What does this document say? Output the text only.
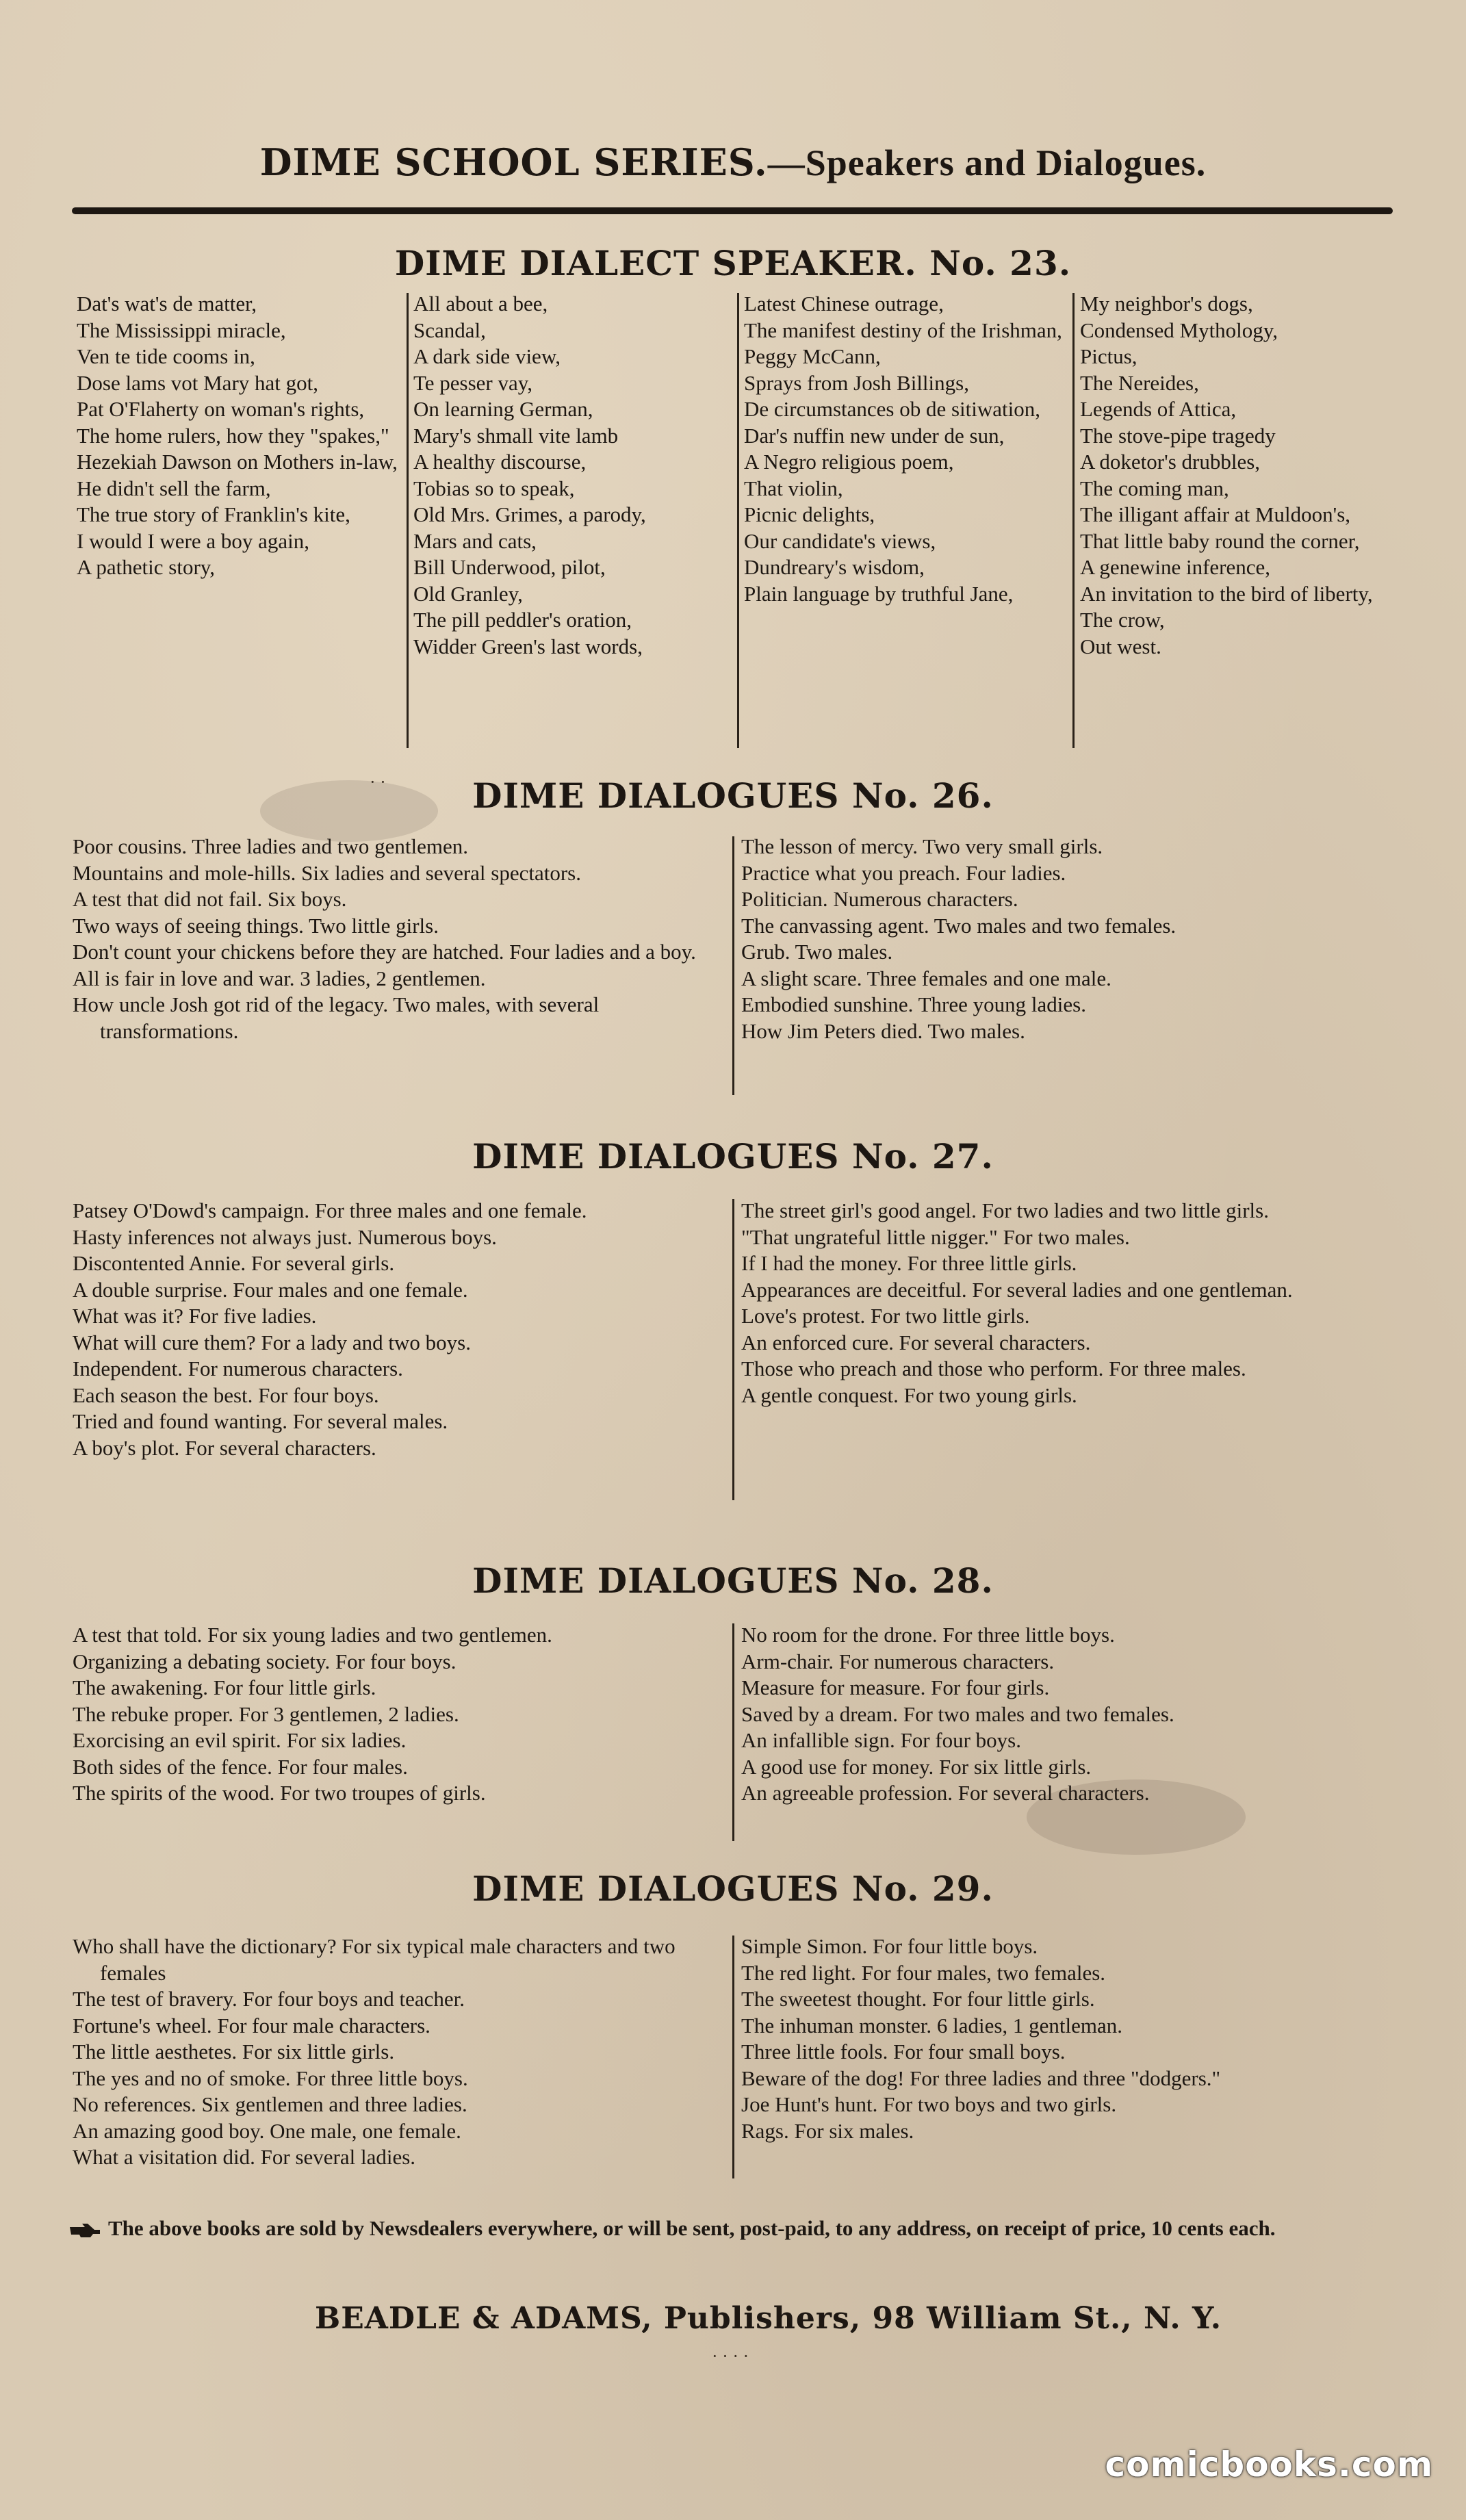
DIME SCHOOL SERIES.—Speakers and Dialogues.
DIME DIALECT SPEAKER. No. 23.
Dat's wat's de matter,
The Mississippi miracle,
Ven te tide cooms in,
Dose lams vot Mary hat got,
Pat O'Flaherty on woman's rights,
The home rulers, how they "spakes,"
Hezekiah Dawson on Mothers in-law,
He didn't sell the farm,
The true story of Franklin's kite,
I would I were a boy again,
A pathetic story,
All about a bee,
Scandal,
A dark side view,
Te pesser vay,
On learning German,
Mary's shmall vite lamb
A healthy discourse,
Tobias so to speak,
Old Mrs. Grimes, a parody,
Mars and cats,
Bill Underwood, pilot,
Old Granley,
The pill peddler's oration,
Widder Green's last words,
Latest Chinese outrage,
The manifest destiny of the Irishman,
Peggy McCann,
Sprays from Josh Billings,
De circumstances ob de sitiwation,
Dar's nuffin new under de sun,
A Negro religious poem,
That violin,
Picnic delights,
Our candidate's views,
Dundreary's wisdom,
Plain language by truthful Jane,
My neighbor's dogs,
Condensed Mythology,
Pictus,
The Nereides,
Legends of Attica,
The stove-pipe tragedy
A doketor's drubbles,
The coming man,
The illigant affair at Muldoon's,
That little baby round the corner,
A genewine inference,
An invitation to the bird of liberty,
The crow,
Out west.
· ·	DIME DIALOGUES No. 26.
Poor cousins. Three ladies and two gentlemen.
Mountains and mole-hills. Six ladies and several spectators.
A test that did not fail. Six boys.
Two ways of seeing things. Two little girls.
Don't count your chickens before they are hatched. Four ladies and a boy.
All is fair in love and war. 3 ladies, 2 gentlemen.
How uncle Josh got rid of the legacy. Two males, with several transformations.
The lesson of mercy. Two very small girls.
Practice what you preach. Four ladies.
Politician. Numerous characters.
The canvassing agent. Two males and two females.
Grub. Two males.
A slight scare. Three females and one male.
Embodied sunshine. Three young ladies.
How Jim Peters died. Two males.
DIME DIALOGUES No. 27.
Patsey O'Dowd's campaign. For three males and one female.
Hasty inferences not always just. Numerous boys.
Discontented Annie. For several girls.
A double surprise. Four males and one female.
What was it? For five ladies.
What will cure them? For a lady and two boys.
Independent. For numerous characters.
Each season the best. For four boys.
Tried and found wanting. For several males.
A boy's plot. For several characters.
The street girl's good angel. For two ladies and two little girls.
"That ungrateful little nigger." For two males.
If I had the money. For three little girls.
Appearances are deceitful. For several ladies and one gentleman.
Love's protest. For two little girls.
An enforced cure. For several characters.
Those who preach and those who perform. For three males.
A gentle conquest. For two young girls.
DIME DIALOGUES No. 28.
A test that told. For six young ladies and two gentlemen.
Organizing a debating society. For four boys.
The awakening. For four little girls.
The rebuke proper. For 3 gentlemen, 2 ladies.
Exorcising an evil spirit. For six ladies.
Both sides of the fence. For four males.
The spirits of the wood. For two troupes of girls.
No room for the drone. For three little boys.
Arm-chair. For numerous characters.
Measure for measure. For four girls.
Saved by a dream. For two males and two females.
An infallible sign. For four boys.
A good use for money. For six little girls.
An agreeable profession. For several characters.
DIME DIALOGUES No. 29.
Who shall have the dictionary? For six typical male characters and two females
The test of bravery. For four boys and teacher.
Fortune's wheel. For four male characters.
The little aesthetes. For six little girls.
The yes and no of smoke. For three little boys.
No references. Six gentlemen and three ladies.
An amazing good boy. One male, one female.
What a visitation did. For several ladies.
Simple Simon. For four little boys.
The red light. For four males, two females.
The sweetest thought. For four little girls.
The inhuman monster. 6 ladies, 1 gentleman.
Three little fools. For four small boys.
Beware of the dog! For three ladies and three "dodgers."
Joe Hunt's hunt. For two boys and two girls.
Rags. For six males.
The above books are sold by Newsdealers everywhere, or will be sent, post-paid, to any address, on receipt of price, 10 cents each.
BEADLE & ADAMS, Publishers, 98 William St., N. Y.
· · · ·
comicbooks.com
